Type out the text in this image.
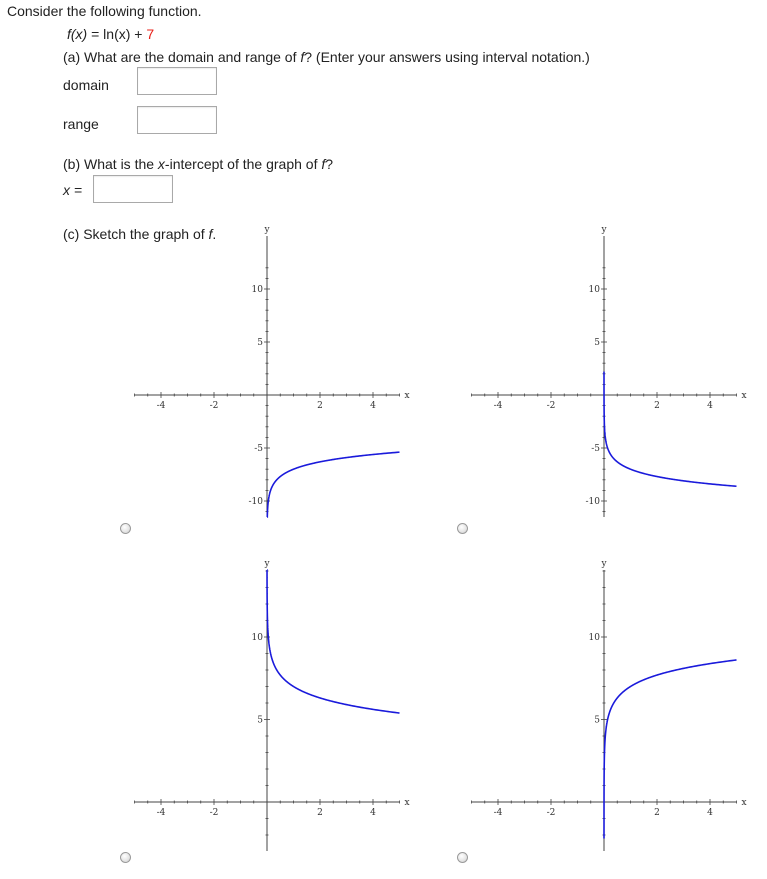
Consider the following function.
f(x) = ln(x) + 7
(a) What are the domain and range of f? (Enter your answers using interval notation.)
domain
range
(b) What is the x-intercept of the graph of f?
x =
(c) Sketch the graph of f.
-4	-2	2	4
10
5
-5
-10
x
y
-4	-2	2	4
10
5
-5
-10
x
y
-4	-2	2	4
10
5
x
y
-4	-2	2	4
10
5
x
y
